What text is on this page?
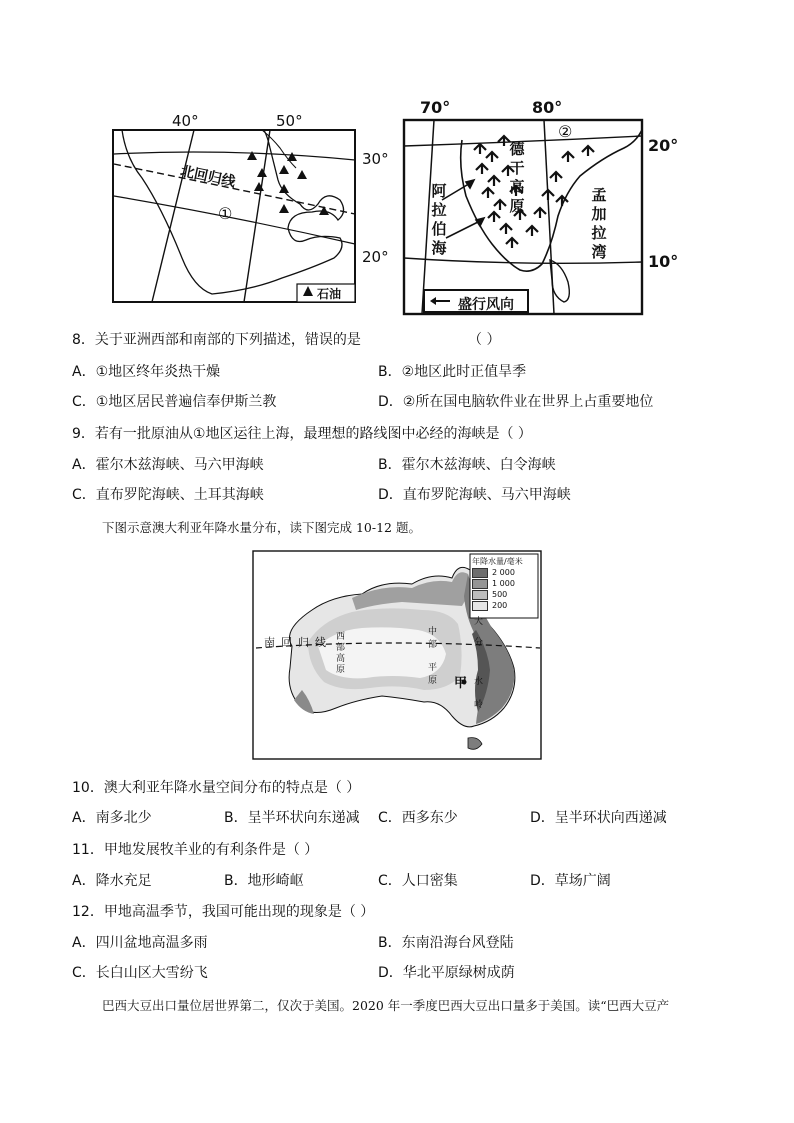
40°	50°
30°
20°
北回归线
①
石油
70°	80°
20°
10°
②
德
干
高
原
阿
拉
伯
海
孟
加
拉
湾
盛行风向
8．关于亚洲西部和南部的下列描述，错误的是	（ ）
A．①地区终年炎热干燥	B．②地区此时正值旱季
C．①地区居民普遍信奉伊斯兰教	D．②所在国电脑软件业在世界上占重要地位
9．若有一批原油从①地区运往上海，最理想的路线图中必经的海峡是（ ）
A．霍尔木兹海峡、马六甲海峡	B．霍尔木兹海峡、白令海峡
C．直布罗陀海峡、土耳其海峡	D．直布罗陀海峡、马六甲海峡
下图示意澳大利亚年降水量分布，读下图完成 10-12 题。
年降水量/毫米
2 000
1 000
500
200
南 回 归 线 西
部
高
原
中
部
平
原
大
分
水
岭
甲
10．澳大利亚年降水量空间分布的特点是（ ）
A．南多北少	B．呈半环状向东递减 C．西多东少	D．呈半环状向西递减
11．甲地发展牧羊业的有利条件是（ ）
A．降水充足	B．地形崎岖	C．人口密集	D．草场广阔
12．甲地高温季节，我国可能出现的现象是（ ）
A．四川盆地高温多雨	B．东南沿海台风登陆
C．长白山区大雪纷飞	D．华北平原绿树成荫
巴西大豆出口量位居世界第二，仅次于美国。2020 年一季度巴西大豆出口量多于美国。读“巴西大豆产
